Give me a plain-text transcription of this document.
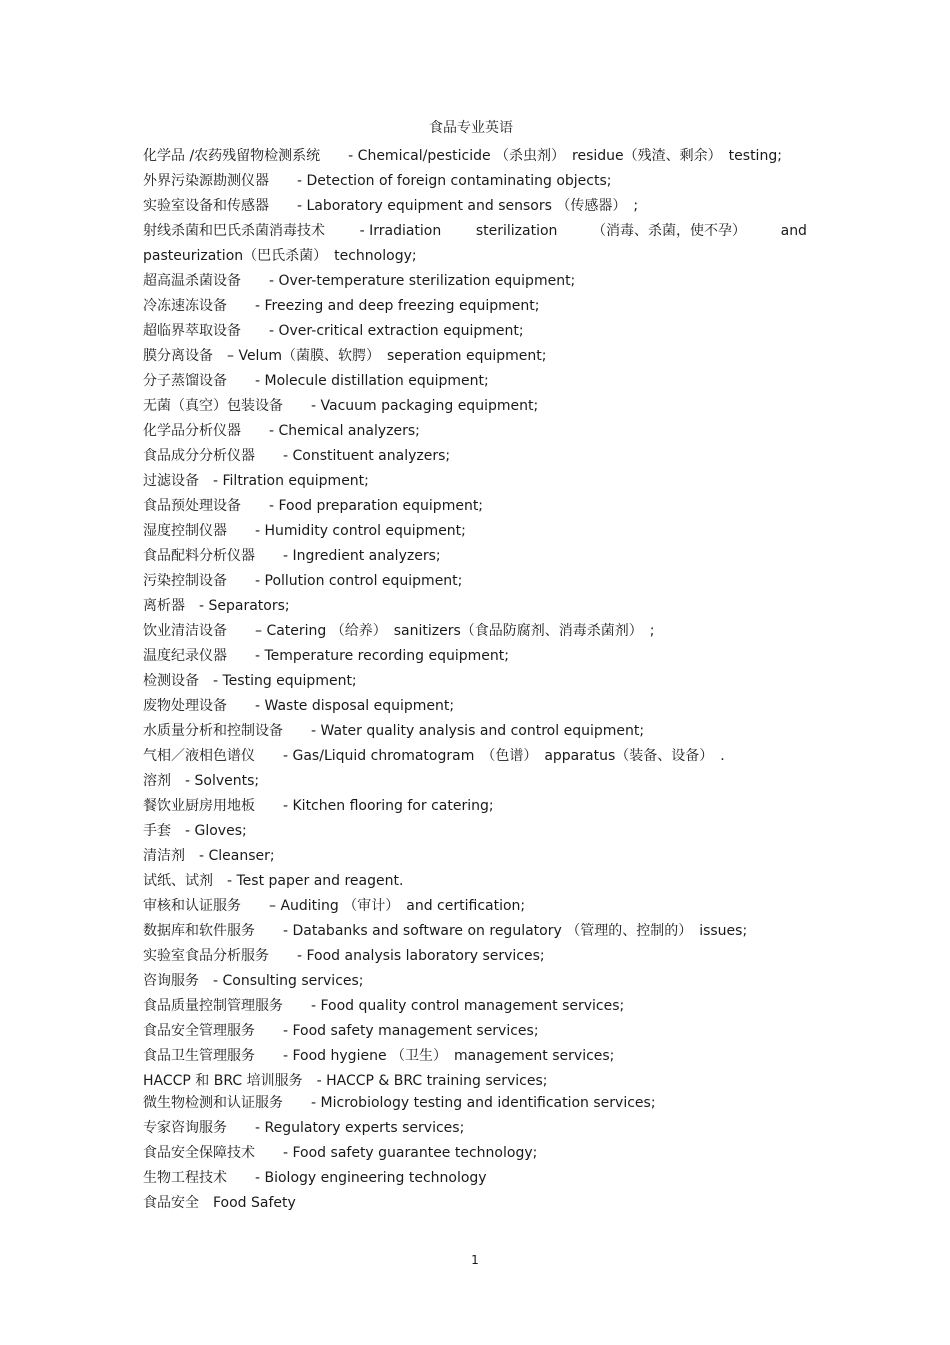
食品专业英语
化学品 /农药残留物检测系统　　- Chemical/pesticide （杀虫剂）　residue（残渣、剩余）　testing;
外界污染源勘测仪器　　- Detection of foreign contaminating objects;
实验室设备和传感器　　- Laboratory equipment and sensors （传感器）　;
射线杀菌和巴氏杀菌消毒技术 - Irradiation sterilization （消毒、杀菌，使不孕） and
pasteurization（巴氏杀菌）　technology;
超高温杀菌设备　　- Over-temperature sterilization equipment;
冷冻速冻设备　　- Freezing and deep freezing equipment;
超临界萃取设备　　- Over-critical extraction equipment;
膜分离设备　– Velum（菌膜、软腭）　seperation equipment;
分子蒸馏设备　　- Molecule distillation equipment;
无菌（真空）包装设备　　- Vacuum packaging equipment;
化学品分析仪器　　- Chemical analyzers;
食品成分分析仪器　　- Constituent analyzers;
过滤设备　- Filtration equipment;
食品预处理设备　　- Food preparation equipment;
湿度控制仪器　　- Humidity control equipment;
食品配料分析仪器　　- Ingredient analyzers;
污染控制设备　　- Pollution control equipment;
离析器　- Separators;
饮业清洁设备　　– Catering （给养）　sanitizers（食品防腐剂、消毒杀菌剂）　;
温度纪录仪器　　- Temperature recording equipment;
检测设备　- Testing equipment;
废物处理设备　　- Waste disposal equipment;
水质量分析和控制设备　　- Water quality analysis and control equipment;
气相／液相色谱仪　　- Gas/Liquid chromatogram　（色谱）　apparatus（装备、设备）　.
溶剂　- Solvents;
餐饮业厨房用地板　　- Kitchen flooring for catering;
手套　- Gloves;
清洁剂　- Cleanser;
试纸、试剂　- Test paper and reagent.
审核和认证服务　　– Auditing （审计）　and certification;
数据库和软件服务　　- Databanks and software on regulatory （管理的、控制的）　issues;
实验室食品分析服务　　- Food analysis laboratory services;
咨询服务　- Consulting services;
食品质量控制管理服务　　- Food quality control management services;
食品安全管理服务　　- Food safety management services;
食品卫生管理服务　　- Food hygiene （卫生）　management services;
HACCP 和 BRC 培训服务　- HACCP & BRC training services;
微生物检测和认证服务　　- Microbiology testing and identification services;
专家咨询服务　　- Regulatory experts services;
食品安全保障技术　　- Food safety guarantee technology;
生物工程技术　　- Biology engineering technology
食品安全　Food Safety
1
